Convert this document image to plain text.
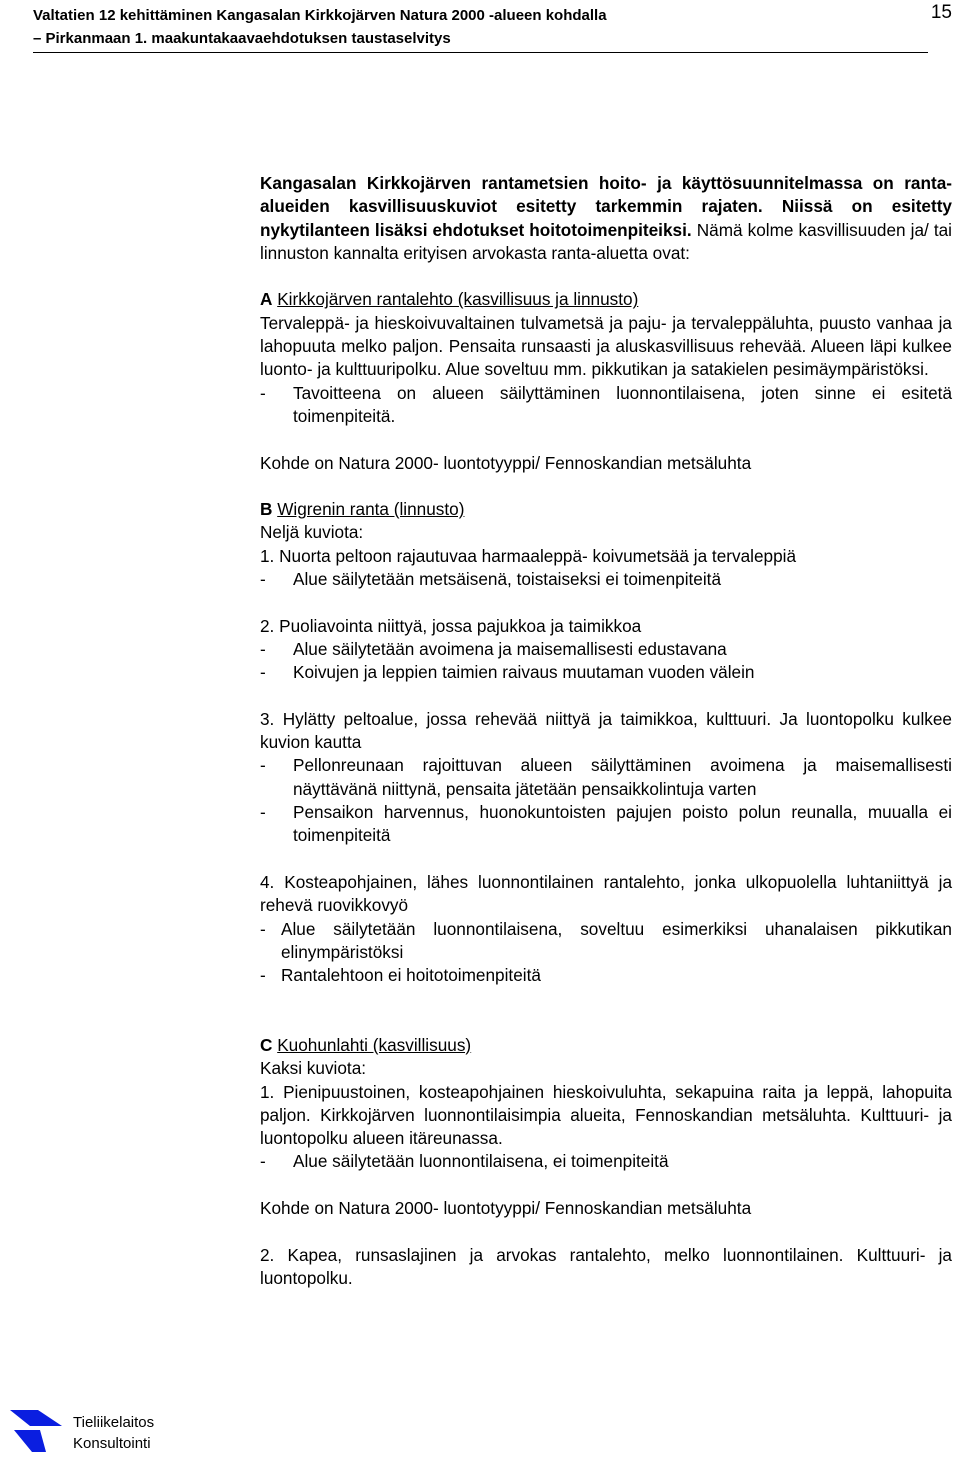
Valtatien 12 kehittäminen Kangasalan Kirkkojärven Natura 2000 -alueen kohdalla
– Pirkanmaan 1. maakuntakaavaehdotuksen taustaselvitys
15

Kangasalan Kirkkojärven rantametsien hoito- ja käyttösuunnitelmassa on ranta-alueiden kasvillisuuskuviot esitetty tarkemmin rajaten. Niissä on esitetty nykytilanteen lisäksi ehdotukset hoitotoimenpiteiksi. Nämä kolme kasvillisuuden ja/ tai linnuston kannalta erityisen arvokasta ranta-aluetta ovat:

A Kirkkojärven rantalehto (kasvillisuus ja linnusto)

Tervaleppä- ja hieskoivuvaltainen tulvametsä ja paju- ja tervaleppäluhta, puusto vanhaa ja lahopuuta melko paljon. Pensaita runsaasti ja aluskasvillisuus rehevää. Alueen läpi kulkee luonto- ja kulttuuripolku. Alue soveltuu mm. pikkutikan ja satakielen pesimäympäristöksi.

- Tavoitteena on alueen säilyttäminen luonnontilaisena, joten sinne ei esitetä toimenpiteitä.

Kohde on Natura 2000- luontotyyppi/ Fennoskandian metsäluhta

B Wigrenin ranta (linnusto)

Neljä kuviota:

1. Nuorta peltoon rajautuvaa harmaaleppä- koivumetsää ja tervaleppiä

- Alue säilytetään metsäisenä, toistaiseksi ei toimenpiteitä

2. Puoliavointa niittyä, jossa pajukkoa ja taimikkoa

- Alue säilytetään avoimena ja maisemallisesti edustavana
- Koivujen ja leppien taimien raivaus muutaman vuoden välein

3. Hylätty peltoalue, jossa rehevää niittyä ja taimikkoa, kulttuuri. Ja luontopolku kulkee kuvion kautta

- Pellonreunaan rajoittuvan alueen säilyttäminen avoimena ja maisemallisesti näyttävänä niittynä, pensaita jätetään pensaikkolintuja varten
- Pensaikon harvennus, huonokuntoisten pajujen poisto polun reunalla, muualla ei toimenpiteitä

4. Kosteapohjainen, lähes luonnontilainen rantalehto, jonka ulkopuolella luhtaniittyä ja rehevä ruovikkovyö

- Alue säilytetään luonnontilaisena, soveltuu esimerkiksi uhanalaisen pikkutikan elinympäristöksi
- Rantalehtoon ei hoitotoimenpiteitä

C Kuohunlahti (kasvillisuus)

Kaksi kuviota:

1. Pienipuustoinen, kosteapohjainen hieskoivuluhta, sekapuina raita ja leppä, lahopuita paljon. Kirkkojärven luonnontilaisimpia alueita, Fennoskandian metsäluhta. Kulttuuri- ja luontopolku alueen itäreunassa.

- Alue säilytetään luonnontilaisena, ei toimenpiteitä

Kohde on Natura 2000- luontotyyppi/ Fennoskandian metsäluhta

2. Kapea, runsaslajinen ja arvokas rantalehto, melko luonnontilainen. Kulttuuri- ja luontopolku.

Tieliikelaitos
Konsultointi
